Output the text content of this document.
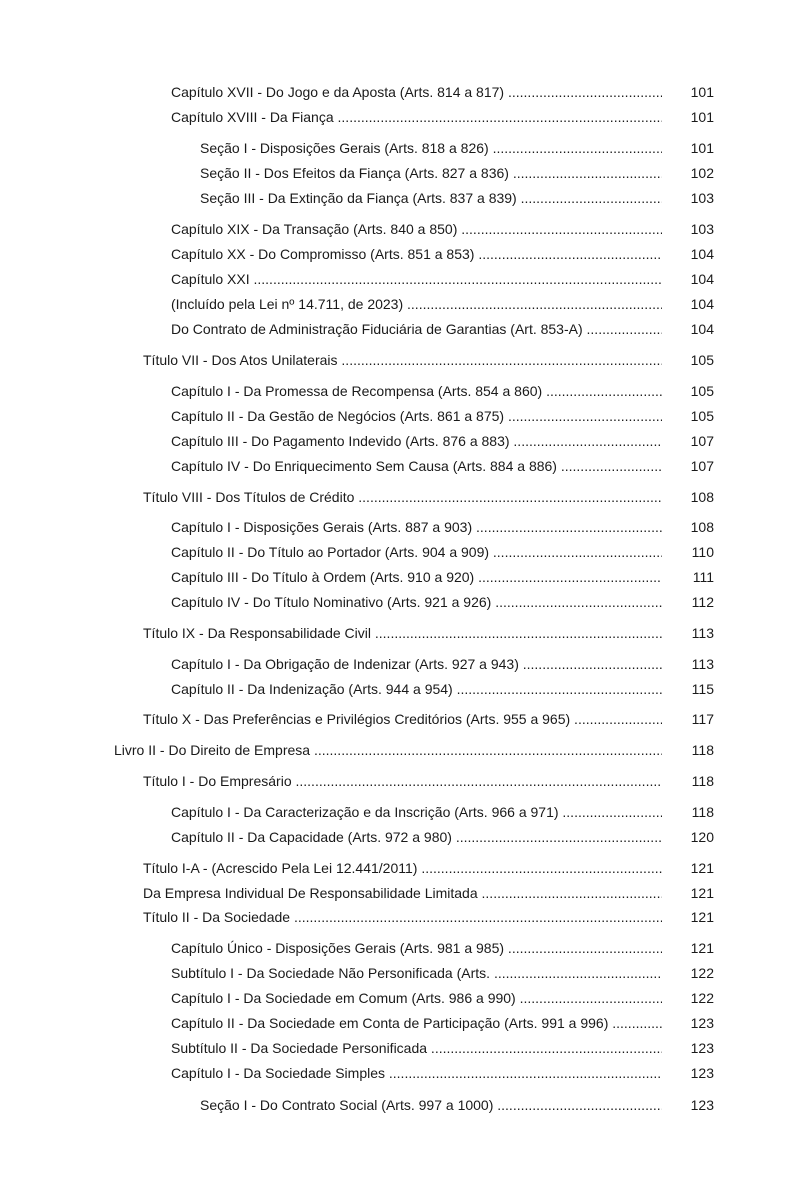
Capítulo XVII - Do Jogo e da Aposta (Arts. 814 a 817) .....	101
Capítulo XVIII - Da Fiança .....	101
Seção I - Disposições Gerais (Arts. 818 a 826) .....	101
Seção II - Dos Efeitos da Fiança (Arts. 827 a 836) .....	102
Seção III - Da Extinção da Fiança (Arts. 837 a 839) .....	103
Capítulo XIX - Da Transação (Arts. 840 a 850) .....	103
Capítulo XX - Do Compromisso (Arts. 851 a 853) .....	104
Capítulo XXI .....	104
(Incluído pela Lei nº 14.711, de 2023) .....	104
Do Contrato de Administração Fiduciária de Garantias (Art. 853-A) .....	104
Título VII - Dos Atos Unilaterais .....	105
Capítulo I - Da Promessa de Recompensa (Arts. 854 a 860) .....	105
Capítulo II - Da Gestão de Negócios (Arts. 861 a 875) .....	105
Capítulo III - Do Pagamento Indevido (Arts. 876 a 883) .....	107
Capítulo IV - Do Enriquecimento Sem Causa (Arts. 884 a 886) .....	107
Título VIII - Dos Títulos de Crédito .....	108
Capítulo I - Disposições Gerais (Arts. 887 a 903) .....	108
Capítulo II - Do Título ao Portador (Arts. 904 a 909) .....	110
Capítulo III - Do Título à Ordem (Arts. 910 a 920) .....	111
Capítulo IV - Do Título Nominativo (Arts. 921 a 926) .....	112
Título IX - Da Responsabilidade Civil .....	113
Capítulo I - Da Obrigação de Indenizar (Arts. 927 a 943) .....	113
Capítulo II - Da Indenização (Arts. 944 a 954) .....	115
Título X - Das Preferências e Privilégios Creditórios (Arts. 955 a 965) .....	117
Livro II - Do Direito de Empresa .....	118
Título I - Do Empresário .....	118
Capítulo I - Da Caracterização e da Inscrição (Arts. 966 a 971) .....	118
Capítulo II - Da Capacidade (Arts. 972 a 980) .....	120
Título I-A - (Acrescido Pela Lei 12.441/2011) .....	121
Da Empresa Individual De Responsabilidade Limitada .....	121
Título II - Da Sociedade .....	121
Capítulo Único - Disposições Gerais (Arts. 981 a 985) .....	121
Subtítulo I - Da Sociedade Não Personificada (Arts. .....	122
Capítulo I - Da Sociedade em Comum (Arts. 986 a 990) .....	122
Capítulo II - Da Sociedade em Conta de Participação (Arts. 991 a 996) .....	123
Subtítulo II - Da Sociedade Personificada .....	123
Capítulo I - Da Sociedade Simples .....	123
Seção I - Do Contrato Social (Arts. 997 a 1000) .....	123
